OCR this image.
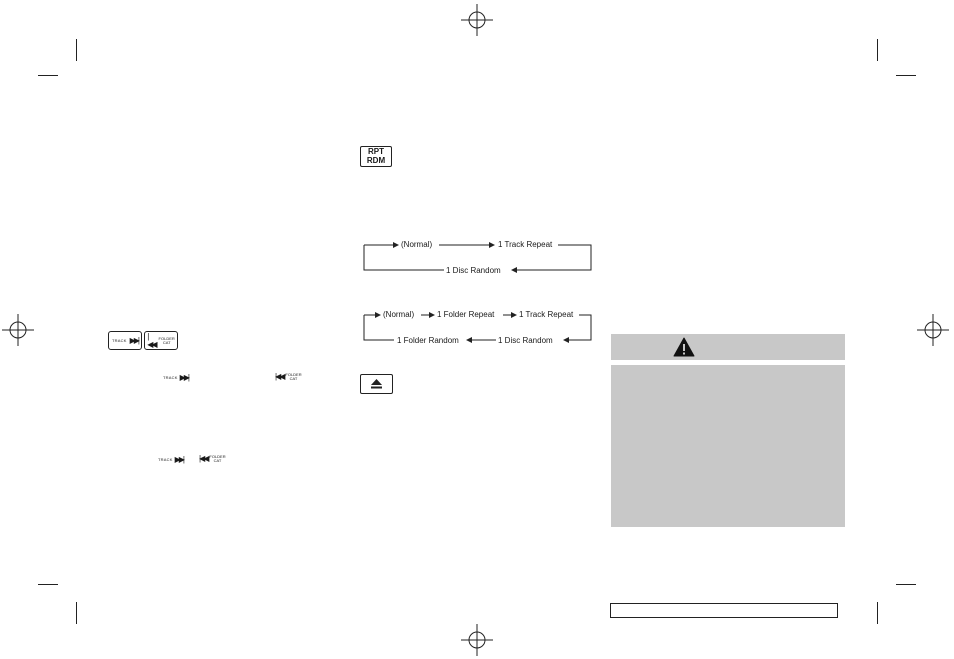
TRACK ▶▶| |◀◀
FOLDER
CAT
TRACK ▶▶|	|◀◀ FOLDER
CAT
TRACK ▶▶| |◀◀ FOLDER
CAT
RPT
RDM
(Normal)	1 Track Repeat
1 Disc Random
(Normal)	1 Folder Repeat	1 Track Repeat
1 Folder Random	1 Disc Random
